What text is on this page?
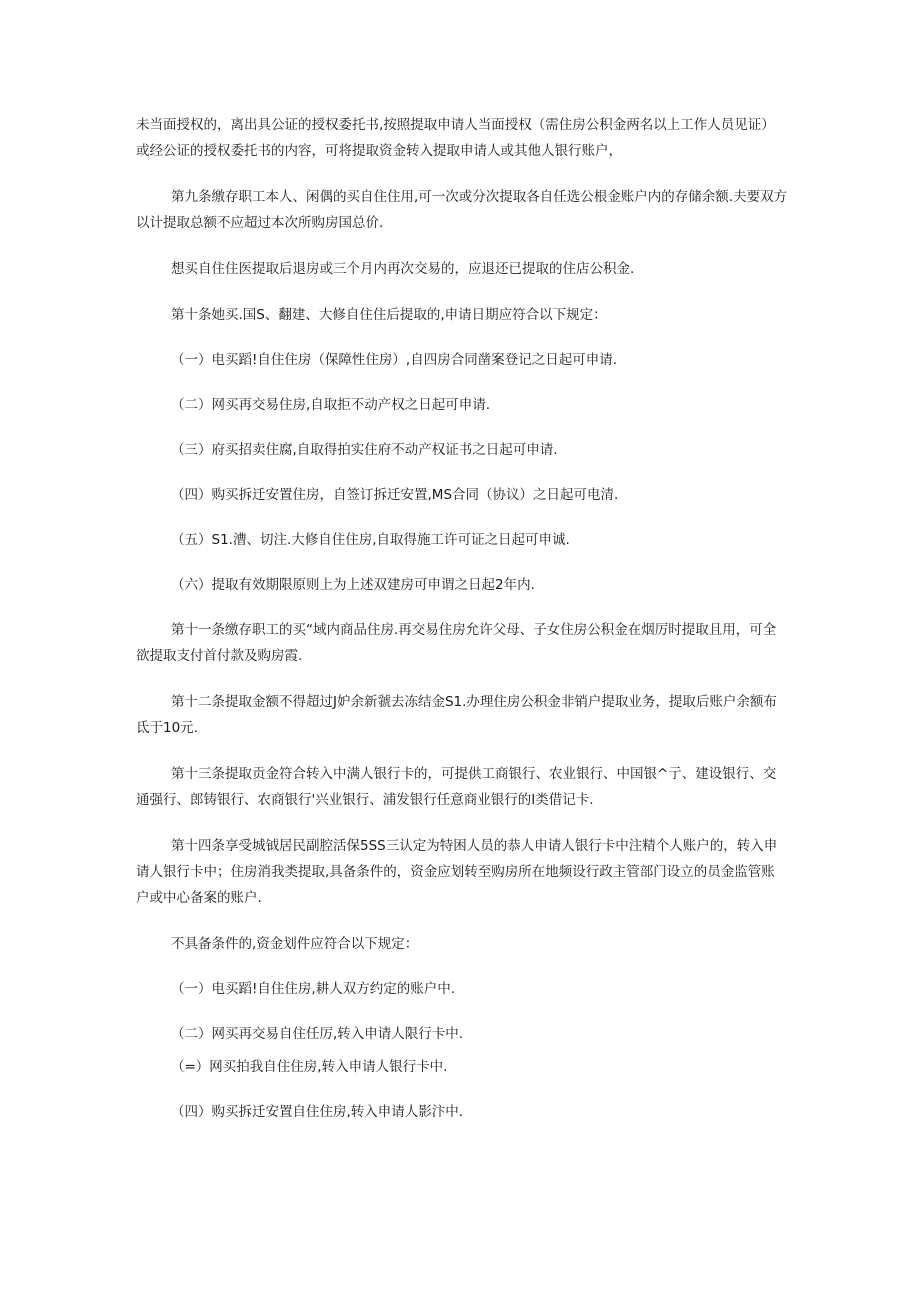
未当面授权的，离出具公证的授权委托书,按照提取申请人当面授权（需住房公积金两名以上工作人员见证）或经公证的授权委托书的内容，可将提取资金转入提取申请人或其他人银行账户，

第九条缴存职工本人、闲偶的买自住住用,可一次或分次提取各自任选公根金账户内的存储余额.夫要双方以计提取总额不应超过本次所购房国总价.

想买自住住医提取后退房或三个月内再次交易的，应退还已提取的住店公积金.

第十条她买.国S、翻建、大修自住住后提取的,申请日期应符合以下规定：

（一）电买蹈!自住住房（保障性住房）,自四房合同凿案登记之日起可申请.

（二）网买再交易住房,自取拒不动产权之日起可申请.

（三）府买招卖住腐,自取得拍实住府不动产权证书之日起可申请.

（四）购买拆迁安置住房，自签订拆迁安置,MS合同（协议）之日起可电清.

（五）S1.漕、切注.大修自住住房,自取得施工许可证之日起可申诚.

（六）提取有效期限原则上为上述双建房可申谓之日起2年内.

第十一条缴存职工的买“域内商品住房.再交易住房允许父母、子女住房公积金在烟厉时提取且用，可全欲提取支付首付款及购房霞.

第十二条提取金额不得超过J妒余新虢去冻结金S1.办理住房公积金非销户提取业务，提取后账户余额布氐于10元.

第十三条提取贡金符合转入中满人银行卡的，可提供工商银行、农业银行、中国银^亍、建设银行、交通强行、郎铸银行、农商银行'兴业银行、浦发银行任意商业银行的I类借记卡.

第十四条享受城钺居民副腔活保5SS三认定为特困人员的恭人申请人银行卡中注精个人账户的，转入申请人银行卡中；住房消我类提取,具备条件的，资金应划转至购房所在地频设行政主管部门设立的员金监管账户或中心备案的账户.

不具备条件的,资金划件应符合以下规定：

（一）电买蹈!自住住房,耕人双方约定的账户中.

（二）网买再交易自住任厉,转入申请人限行卡中.

（=）网买拍我自住住房,转入申请人银行卡中.

（四）购买拆迁安置自住住房,转入申请人影汴中.
